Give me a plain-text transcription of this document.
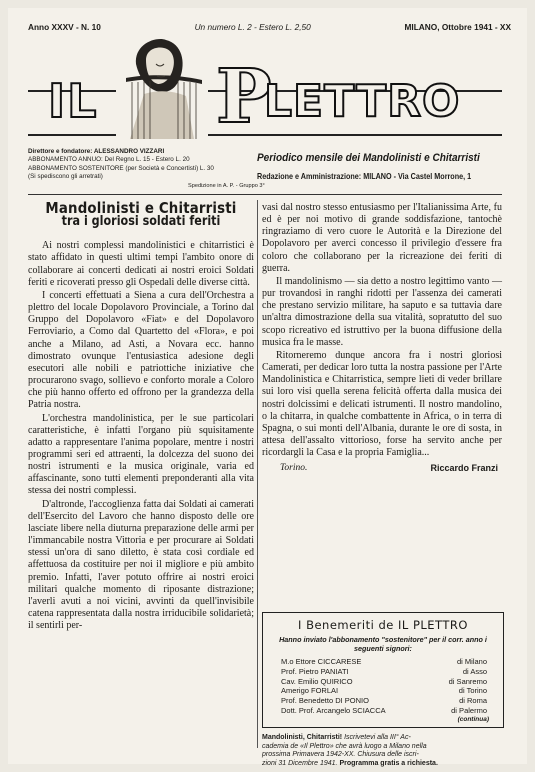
Anno XXXV - N. 10	Un numero L. 2 - Estero L. 2,50	MILANO, Ottobre 1941 - XX
IL P
LETTRO
Direttore e fondatore: ALESSANDRO VIZZARI
ABBONAMENTO ANNUO: Del Regno L. 15 - Estero L. 20
ABBONAMENTO SOSTENITORE (per Società e Concertisti) L. 30
(Si spediscono gli arretrati)
Spedizione in A. P. - Gruppo 3°
Periodico mensile dei Mandolinisti e Chitarristi
Redazione e Amministrazione: MILANO - Via Castel Morrone, 1
Mandolinisti e Chitarristi
tra i gloriosi soldati feriti

Ai nostri complessi mandolinistici e chitarristici è stato affidato in questi ultimi tempi l'ambito onore di collaborare ai concerti dedicati ai nostri eroici Soldati feriti e ricoverati presso gli Ospedali delle diverse città.

I concerti effettuati a Siena a cura dell'Orchestra a plettro del locale Dopolavoro Provinciale, a Torino dal Gruppo del Dopolavoro «Fiat» e del Dopolavoro Ferroviario, a Como dal Quartetto del «Flora», e poi anche a Milano, ad Asti, a Novara ecc. hanno dimostrato ovunque l'entusiastica adesione degli esecutori alle nobili e patriottiche iniziative che procurarono svago, sollievo e conforto morale a Coloro che più hanno offerto ed offrono per la grandezza della Patria nostra.

L'orchestra mandolinistica, per le sue particolari caratteristiche, è infatti l'organo più squisitamente adatto a rappresentare l'anima popolare, mentre i nostri programmi seri ed attraenti, la dolcezza del suono dei nostri istrumenti e la musica originale, varia ed affascinante, sono tutti elementi preponderanti alla vita stessa dei nostri complessi.

D'altronde, l'accoglienza fatta dai Soldati ai camerati dell'Esercito del Lavoro che hanno disposto delle ore lasciate libere nella diuturna preparazione delle armi per l'immancabile nostra Vittoria e per procurare ai Soldati stessi un'ora di sano diletto, è stata così cordiale ed affettuosa da costituire per noi il migliore e più ambito premio. Infatti, l'aver potuto offrire ai nostri eroici militari qualche momento di riposante distrazione; l'averli avuti a noi vicini, avvinti da quell'invisibile catena rappresentata dalla nostra irriducibile solidarietà; il sentirli per-

vasi dal nostro stesso entusiasmo per l'Italianissima Arte, fu ed è per noi motivo di grande soddisfazione, tantochè ringraziamo di vero cuore le Autorità e la Direzione del Dopolavoro per averci concesso il privilegio d'essere fra coloro che collaborano per la ricreazione dei feriti di guerra.

Il mandolinismo — sia detto a nostro legittimo vanto — pur trovandosi in ranghi ridotti per l'assenza dei camerati che prestano servizio militare, ha saputo e sa tuttavia dare un'altra dimostrazione della sua vitalità, sopratutto del suo scopo ricreativo ed istruttivo per la buona diffusione della musica fra le masse.

Ritorneremo dunque ancora fra i nostri gloriosi Camerati, per dedicar loro tutta la nostra passione per l'Arte Mandolinistica e Chitarristica, sempre lieti di veder brillare sui loro visi quella serena felicità offerta dalla musica dei nostri dolcissimi e delicati istrumenti. Il nostro mandolino, o la chitarra, in qualche combattente in Africa, o in terra di Spagna, o sui monti dell'Albania, durante le ore di sosta, in attesa dell'assalto vittorioso, forse ha servito anche per ricordargli la Casa e la propria Famiglia...

Torino.	Riccardo Franzi
I Benemeriti de IL PLETTRO
Hanno inviato l'abbonamento "sostenitore" per il corr. anno i seguenti signori:
M.o Ettore CICCARESE	di Milano
Prof. Pietro PANIATI	di Asso
Cav. Emilio QUIRICO	di Sanremo
Amerigo FORLAI	di Torino
Prof. Benedetto DI PONIO	di Roma
Dott. Prof. Arcangelo SCIACCA	di Palermo
(continua)
Mandolinisti, Chitarristi! Iscrivetevi alla III° Ac-
cademia de «Il Plettro» che avrà luogo a Milano nella
prossima Primavera 1942-XX. Chiusura delle iscri-
zioni 31 Dicembre 1941. Programma gratis a richiesta.
